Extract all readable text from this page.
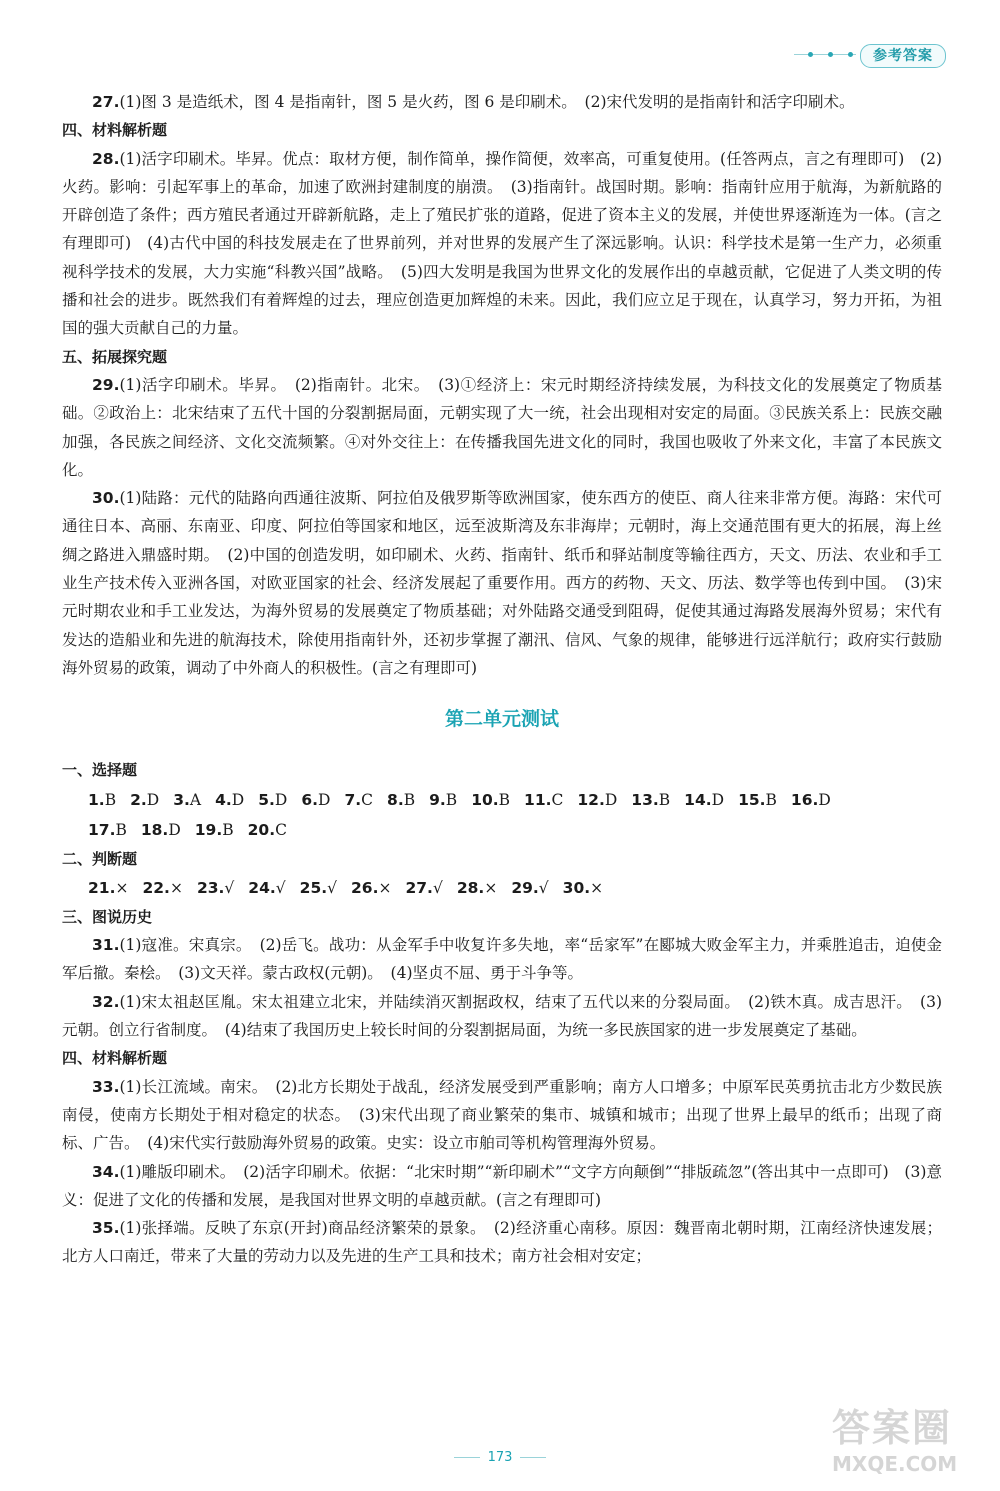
参考答案

27.(1)图 3 是造纸术，图 4 是指南针，图 5 是火药，图 6 是印刷术。　(2)宋代发明的是指南针和活字印刷术。

四、材料解析题

28.(1)活字印刷术。毕昇。优点：取材方便，制作简单，操作简便，效率高，可重复使用。(任答两点，言之有理即可)　(2)火药。影响：引起军事上的革命，加速了欧洲封建制度的崩溃。　(3)指南针。战国时期。影响：指南针应用于航海，为新航路的开辟创造了条件；西方殖民者通过开辟新航路，走上了殖民扩张的道路，促进了资本主义的发展，并使世界逐渐连为一体。(言之有理即可)　(4)古代中国的科技发展走在了世界前列，并对世界的发展产生了深远影响。认识：科学技术是第一生产力，必须重视科学技术的发展，大力实施“科教兴国”战略。　(5)四大发明是我国为世界文化的发展作出的卓越贡献，它促进了人类文明的传播和社会的进步。既然我们有着辉煌的过去，理应创造更加辉煌的未来。因此，我们应立足于现在，认真学习，努力开拓，为祖国的强大贡献自己的力量。

五、拓展探究题

29.(1)活字印刷术。毕昇。　(2)指南针。北宋。　(3)①经济上：宋元时期经济持续发展，为科技文化的发展奠定了物质基础。②政治上：北宋结束了五代十国的分裂割据局面，元朝实现了大一统，社会出现相对安定的局面。③民族关系上：民族交融加强，各民族之间经济、文化交流频繁。④对外交往上：在传播我国先进文化的同时，我国也吸收了外来文化，丰富了本民族文化。

30.(1)陆路：元代的陆路向西通往波斯、阿拉伯及俄罗斯等欧洲国家，使东西方的使臣、商人往来非常方便。海路：宋代可通往日本、高丽、东南亚、印度、阿拉伯等国家和地区，远至波斯湾及东非海岸；元朝时，海上交通范围有更大的拓展，海上丝绸之路进入鼎盛时期。　(2)中国的创造发明，如印刷术、火药、指南针、纸币和驿站制度等输往西方，天文、历法、农业和手工业生产技术传入亚洲各国，对欧亚国家的社会、经济发展起了重要作用。西方的药物、天文、历法、数学等也传到中国。　(3)宋元时期农业和手工业发达，为海外贸易的发展奠定了物质基础；对外陆路交通受到阻碍，促使其通过海路发展海外贸易；宋代有发达的造船业和先进的航海技术，除使用指南针外，还初步掌握了潮汛、信风、气象的规律，能够进行远洋航行；政府实行鼓励海外贸易的政策，调动了中外商人的积极性。(言之有理即可)

第二单元测试
一、选择题
1.B 2.D 3.A 4.D 5.D 6.D 7.C 8.B 9.B 10.B 11.C 12.D 13.B 14.D 15.B 16.D
17.B 18.D 19.B 20.C
二、判断题
21.× 22.× 23.√ 24.√ 25.√ 26.× 27.√ 28.× 29.√ 30.×
三、图说历史

31.(1)寇准。宋真宗。　(2)岳飞。战功：从金军手中收复许多失地，率“岳家军”在郾城大败金军主力，并乘胜追击，迫使金军后撤。秦桧。　(3)文天祥。蒙古政权(元朝)。　(4)坚贞不屈、勇于斗争等。

32.(1)宋太祖赵匡胤。宋太祖建立北宋，并陆续消灭割据政权，结束了五代以来的分裂局面。　(2)铁木真。成吉思汗。　(3)元朝。创立行省制度。　(4)结束了我国历史上较长时间的分裂割据局面，为统一多民族国家的进一步发展奠定了基础。

四、材料解析题

33.(1)长江流域。南宋。　(2)北方长期处于战乱，经济发展受到严重影响；南方人口增多；中原军民英勇抗击北方少数民族南侵，使南方长期处于相对稳定的状态。　(3)宋代出现了商业繁荣的集市、城镇和城市；出现了世界上最早的纸币；出现了商标、广告。　(4)宋代实行鼓励海外贸易的政策。史实：设立市舶司等机构管理海外贸易。

34.(1)雕版印刷术。　(2)活字印刷术。依据：“北宋时期”“新印刷术”“文字方向颠倒”“排版疏忽”(答出其中一点即可)　(3)意义：促进了文化的传播和发展，是我国对世界文明的卓越贡献。(言之有理即可)

35.(1)张择端。反映了东京(开封)商品经济繁荣的景象。　(2)经济重心南移。原因：魏晋南北朝时期，江南经济快速发展；北方人口南迁，带来了大量的劳动力以及先进的生产工具和技术；南方社会相对安定；

173
答案圈
MXQE.COM
